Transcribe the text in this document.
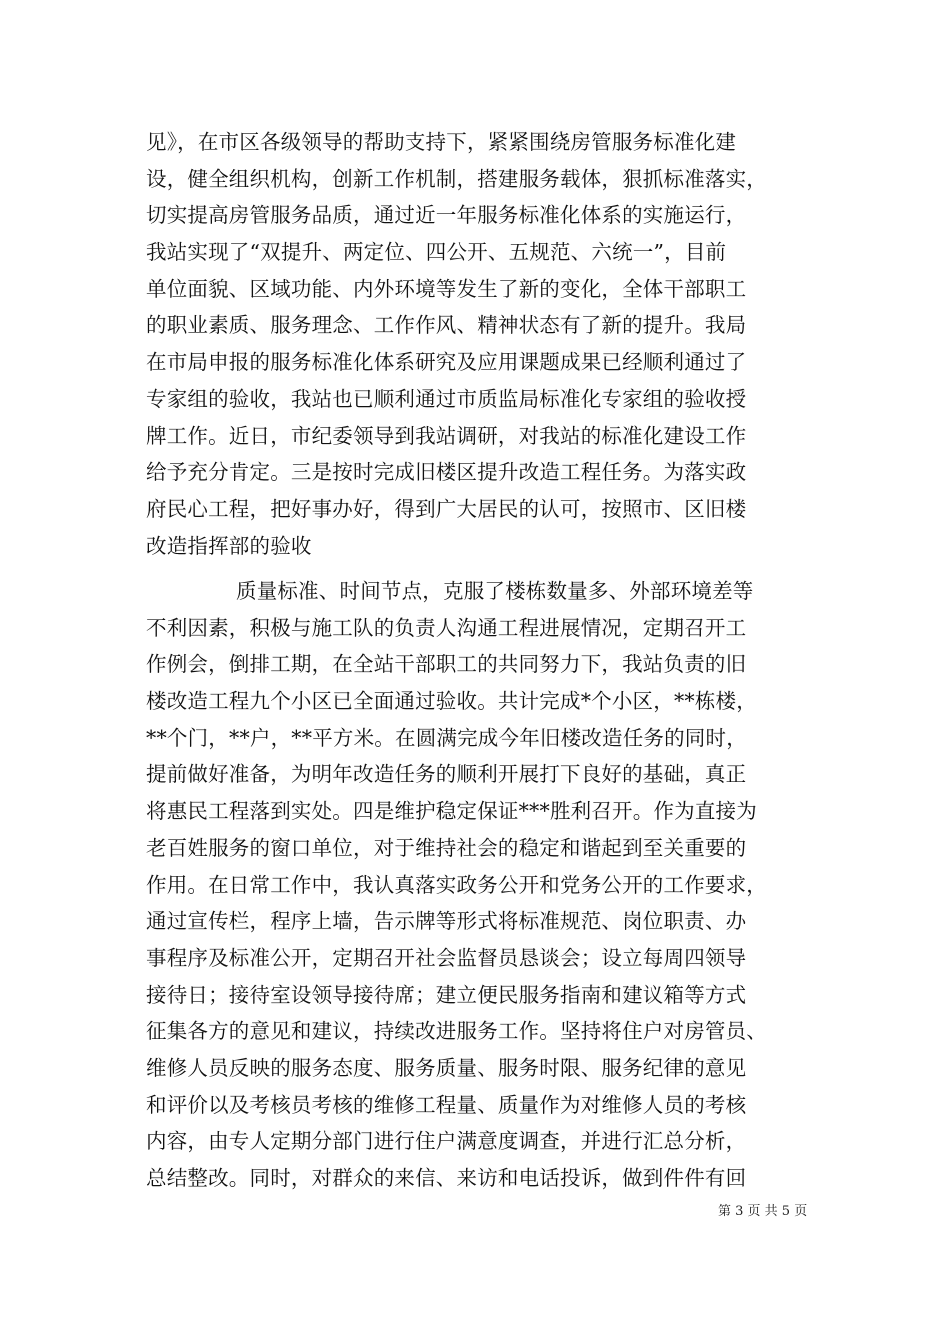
见》，在市区各级领导的帮助支持下，紧紧围绕房管服务标准化建
设，健全组织机构，创新工作机制，搭建服务载体，狠抓标准落实，
切实提高房管服务品质，通过近一年服务标准化体系的实施运行，
我站实现了“双提升、两定位、四公开、五规范、六统一”，目前
单位面貌、区域功能、内外环境等发生了新的变化，全体干部职工
的职业素质、服务理念、工作作风、精神状态有了新的提升。我局
在市局申报的服务标准化体系研究及应用课题成果已经顺利通过了
专家组的验收，我站也已顺利通过市质监局标准化专家组的验收授
牌工作。近日，市纪委领导到我站调研，对我站的标准化建设工作
给予充分肯定。三是按时完成旧楼区提升改造工程任务。为落实政
府民心工程，把好事办好，得到广大居民的认可，按照市、区旧楼
改造指挥部的验收
质量标准、时间节点，克服了楼栋数量多、外部环境差等
不利因素，积极与施工队的负责人沟通工程进展情况，定期召开工
作例会，倒排工期，在全站干部职工的共同努力下，我站负责的旧
楼改造工程九个小区已全面通过验收。共计完成*个小区，**栋楼，
**个门，**户，**平方米。在圆满完成今年旧楼改造任务的同时，
提前做好准备，为明年改造任务的顺利开展打下良好的基础，真正
将惠民工程落到实处。四是维护稳定保证***胜利召开。作为直接为
老百姓服务的窗口单位，对于维持社会的稳定和谐起到至关重要的
作用。在日常工作中，我认真落实政务公开和党务公开的工作要求，
通过宣传栏，程序上墙，告示牌等形式将标准规范、岗位职责、办
事程序及标准公开，定期召开社会监督员恳谈会；设立每周四领导
接待日；接待室设领导接待席；建立便民服务指南和建议箱等方式
征集各方的意见和建议，持续改进服务工作。坚持将住户对房管员、
维修人员反映的服务态度、服务质量、服务时限、服务纪律的意见
和评价以及考核员考核的维修工程量、质量作为对维修人员的考核
内容，由专人定期分部门进行住户满意度调查，并进行汇总分析，
总结整改。同时，对群众的来信、来访和电话投诉，做到件件有回
第 3 页 共 5 页
